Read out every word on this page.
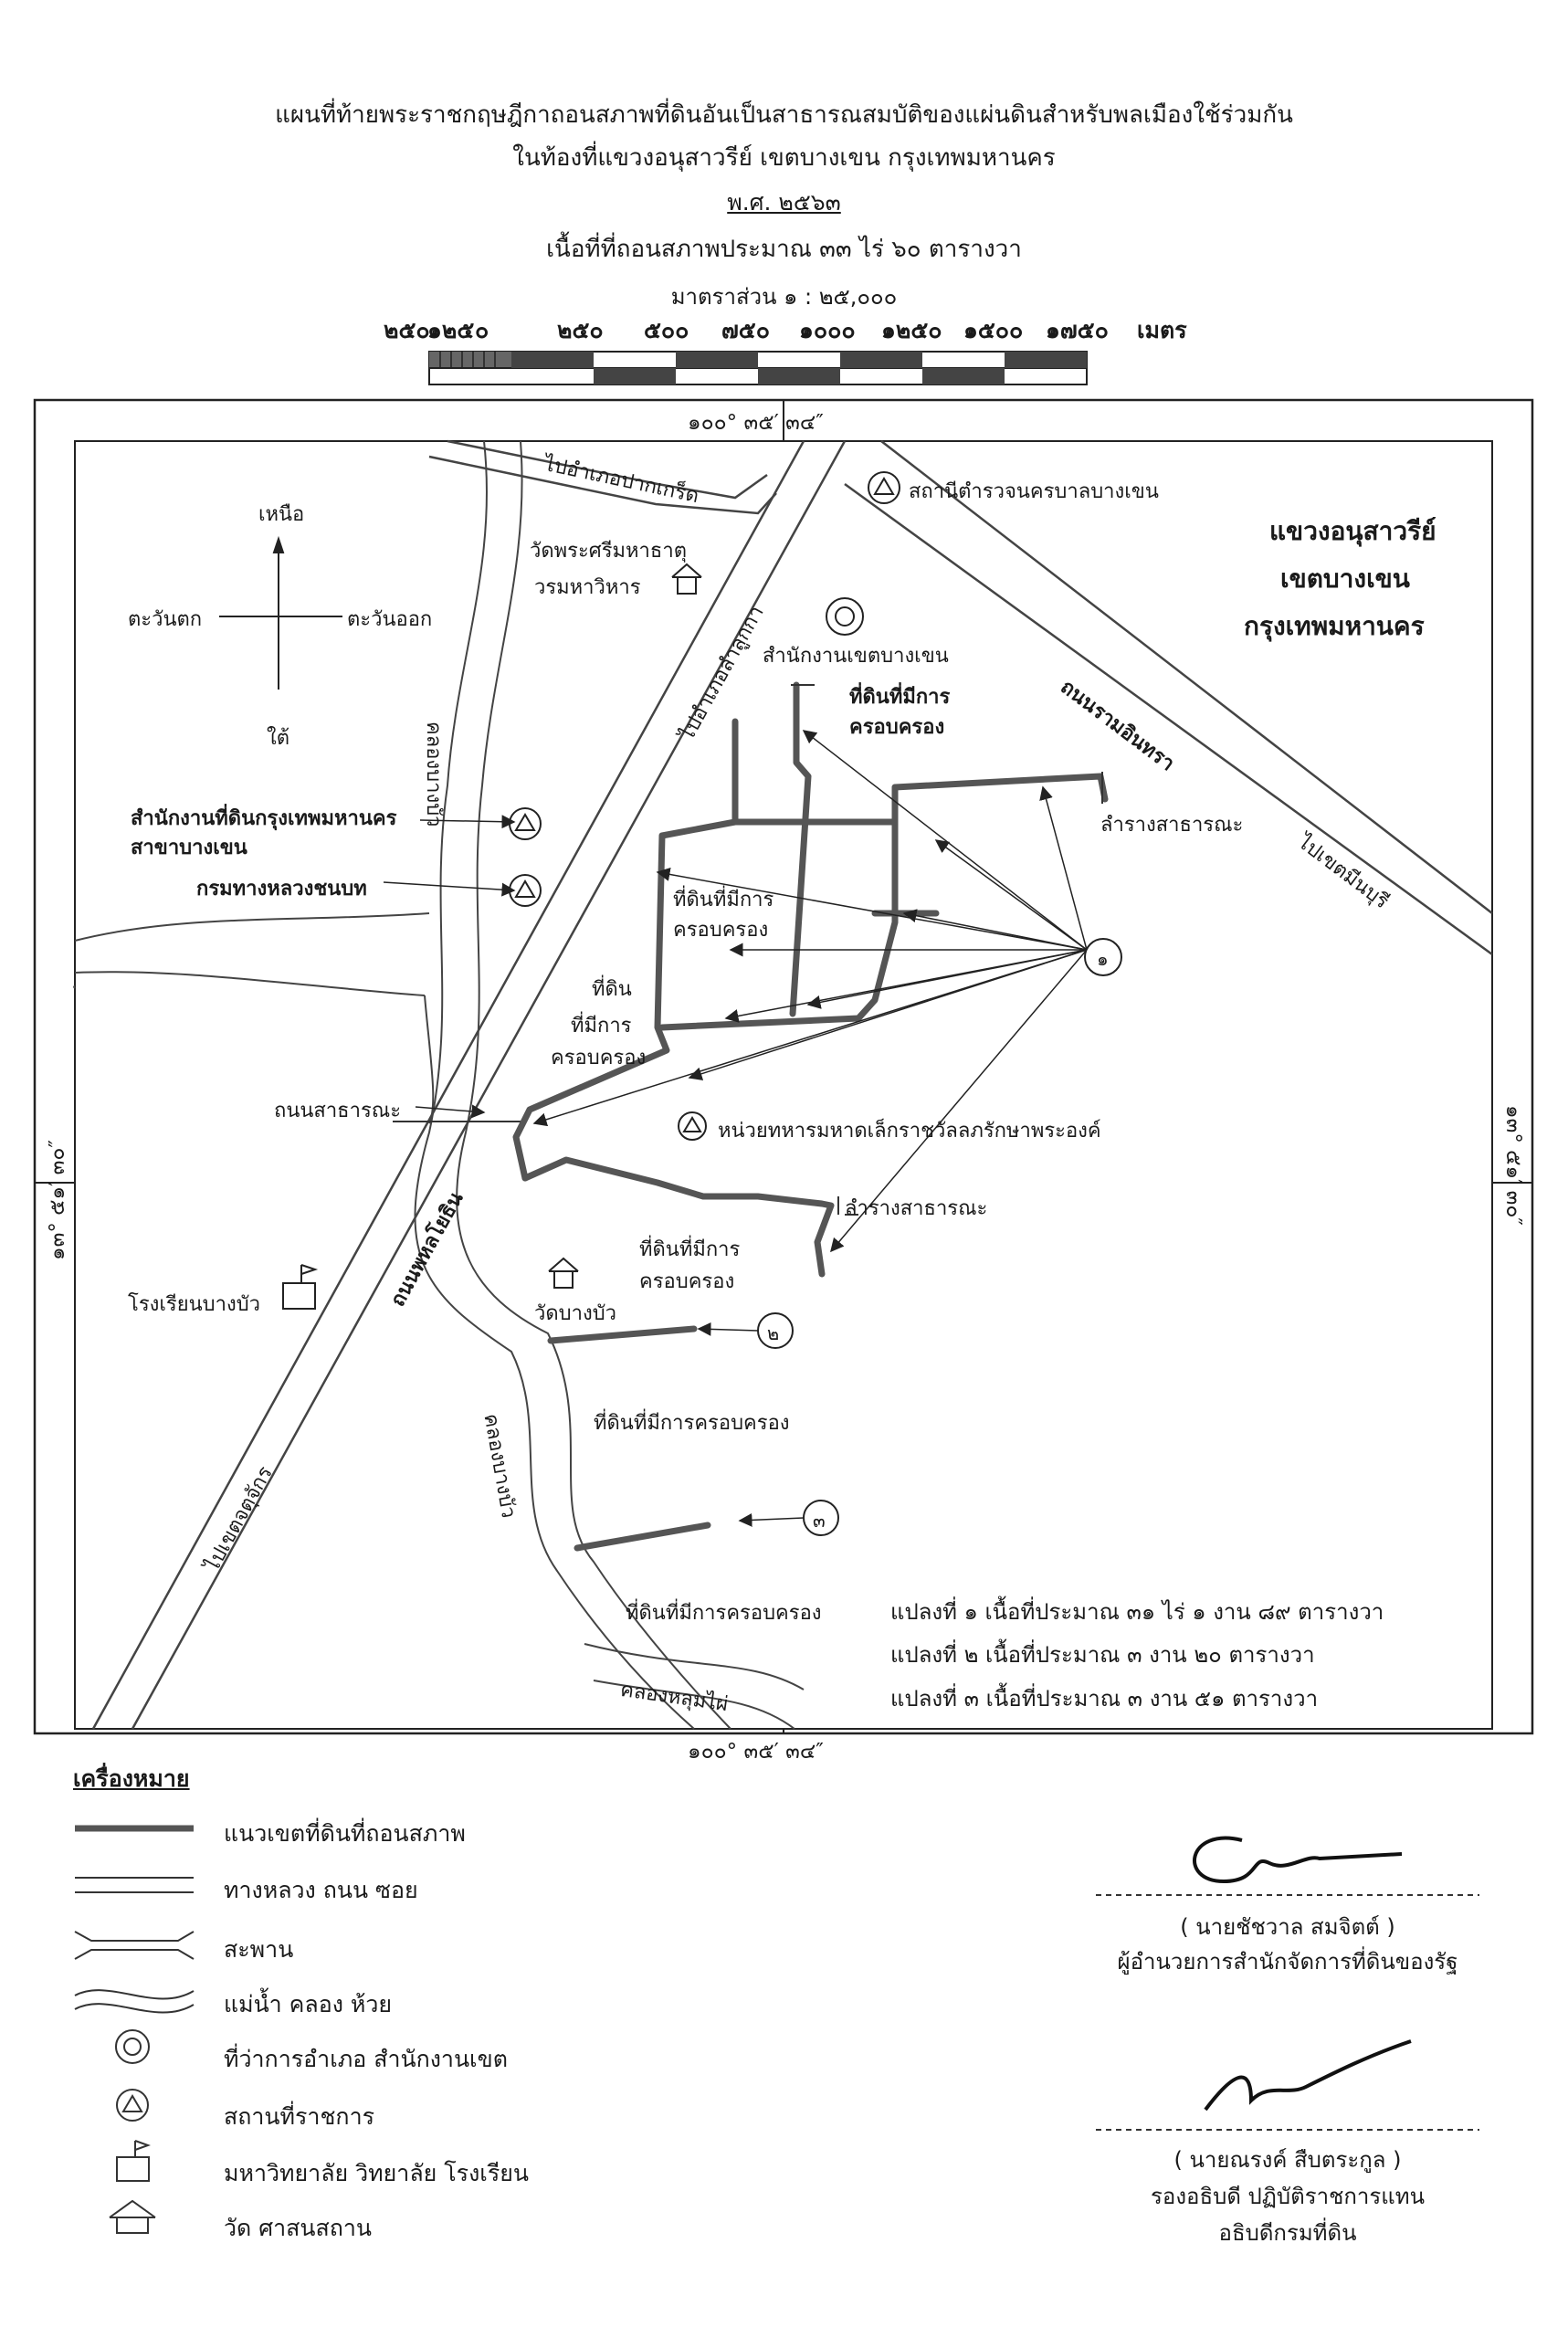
แผนที่ท้ายพระราชกฤษฎีกาถอนสภาพที่ดินอันเป็นสาธารณสมบัติของแผ่นดินสำหรับพลเมืองใช้ร่วมกัน
ในท้องที่แขวงอนุสาวรีย์ เขตบางเขน กรุงเทพมหานคร
พ.ศ. ๒๕๖๓
เนื้อที่ที่ถอนสภาพประมาณ ๓๓ ไร่ ๖๐ ตารางวา
มาตราส่วน ๑ : ๒๕,๐๐๐
๒๕๐
๑๒๕ ๐	๒๕๐ ๕๐๐ ๗๕๐ ๑๐๐๐ ๑๒๕๐ ๑๕๐๐ ๑๗๕๐ เมตร
๑๐๐° ๓๕′ ๓๔″
๑๐๐° ๓๕′ ๓๔″
๑๓° ๕๑′ ๓๐″	๑๓° ๕๑′ ๓๐″
เหนือ
ใต้
ตะวันตก	ตะวันออก
แขวงอนุสาวรีย์
เขตบางเขน
กรุงเทพมหานคร
ไปอำเภอปากเกร็ด	สถานีตำรวจนครบาลบางเขน
วัดพระศรีมหาธาตุ
วรมหาวิหาร
ไปอำเภอลำลูกกา
สำนักงานเขตบางเขน
ที่ดินที่มีการ
ครอบครอง	ถนนรามอินทรา
ลำรางสาธารณะ
ไปเขตมีนบุรี
สำนักงานที่ดินกรุงเทพมหานคร
สาขาบางเขน
กรมทางหลวงชนบท
คลองบางบัว
ที่ดินที่มีการ
ครอบครอง
ที่ดิน
ที่มีการ
ครอบครอง
ถนนสาธารณะ
หน่วยทหารมหาดเล็กราชวัลลภรักษาพระองค์
ลำรางสาธารณะ
ที่ดินที่มีการ
ครอบครอง
ถนนพหลโยธิน
โรงเรียนบางบัว	วัดบางบัว
ที่ดินที่มีการครอบครอง
คลองบางบัว
ที่ดินที่มีการครอบครอง
ไปเขตจตุจักร
คลองหลุมไผ่
๑
๒
๓
แปลงที่ ๑ เนื้อที่ประมาณ ๓๑ ไร่ ๑ งาน ๘๙ ตารางวา
แปลงที่ ๒ เนื้อที่ประมาณ ๓ งาน ๒๐ ตารางวา
แปลงที่ ๓ เนื้อที่ประมาณ ๓ งาน ๕๑ ตารางวา
เครื่องหมาย
แนวเขตที่ดินที่ถอนสภาพ
ทางหลวง ถนน ซอย
สะพาน
แม่น้ำ คลอง ห้วย
ที่ว่าการอำเภอ สำนักงานเขต
สถานที่ราชการ
มหาวิทยาลัย วิทยาลัย โรงเรียน
วัด ศาสนสถาน
( นายชัชวาล สมจิตต์ )
ผู้อำนวยการสำนักจัดการที่ดินของรัฐ
( นายณรงค์ สืบตระกูล )
รองอธิบดี ปฏิบัติราชการแทน
อธิบดีกรมที่ดิน
